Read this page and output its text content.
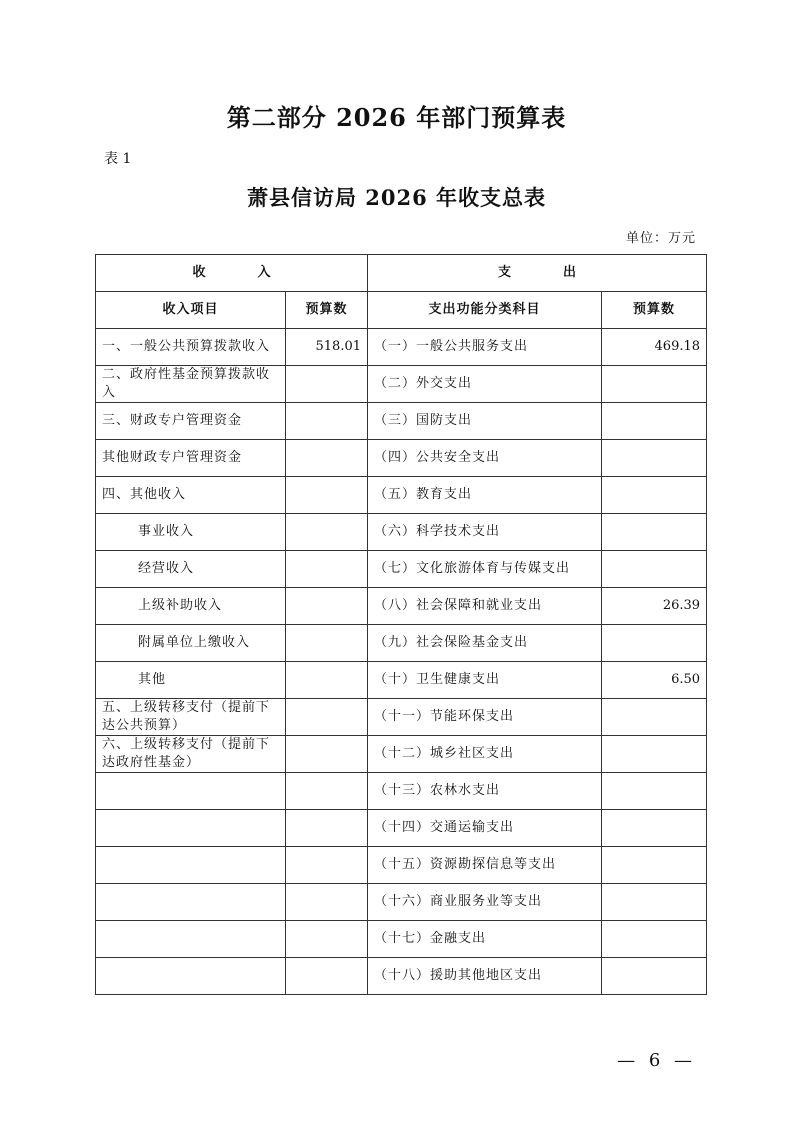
第二部分 2026 年部门预算表
表 1
萧县信访局 2026 年收支总表
单位：万元
收　　　　入		支　　　　出	
收入项目	预算数	支出功能分类科目	预算数
一、一般公共预算拨款收入	518.01	（一）一般公共服务支出	469.18
二、政府性基金预算拨款收入		（二）外交支出	
三、财政专户管理资金		（三）国防支出	
其他财政专户管理资金		（四）公共安全支出	
四、其他收入		（五）教育支出	
事业收入		（六）科学技术支出	
经营收入		（七）文化旅游体育与传媒支出	
上级补助收入		（八）社会保障和就业支出	26.39
附属单位上缴收入		（九）社会保险基金支出	
其他		（十）卫生健康支出	6.50
五、上级转移支付（提前下达公共预算）		（十一）节能环保支出	
六、上级转移支付（提前下达政府性基金）		（十二）城乡社区支出	
		（十三）农林水支出	
		（十四）交通运输支出	
		（十五）资源勘探信息等支出	
		（十六）商业服务业等支出	
		（十七）金融支出	
		（十八）援助其他地区支出	
— 6 —
